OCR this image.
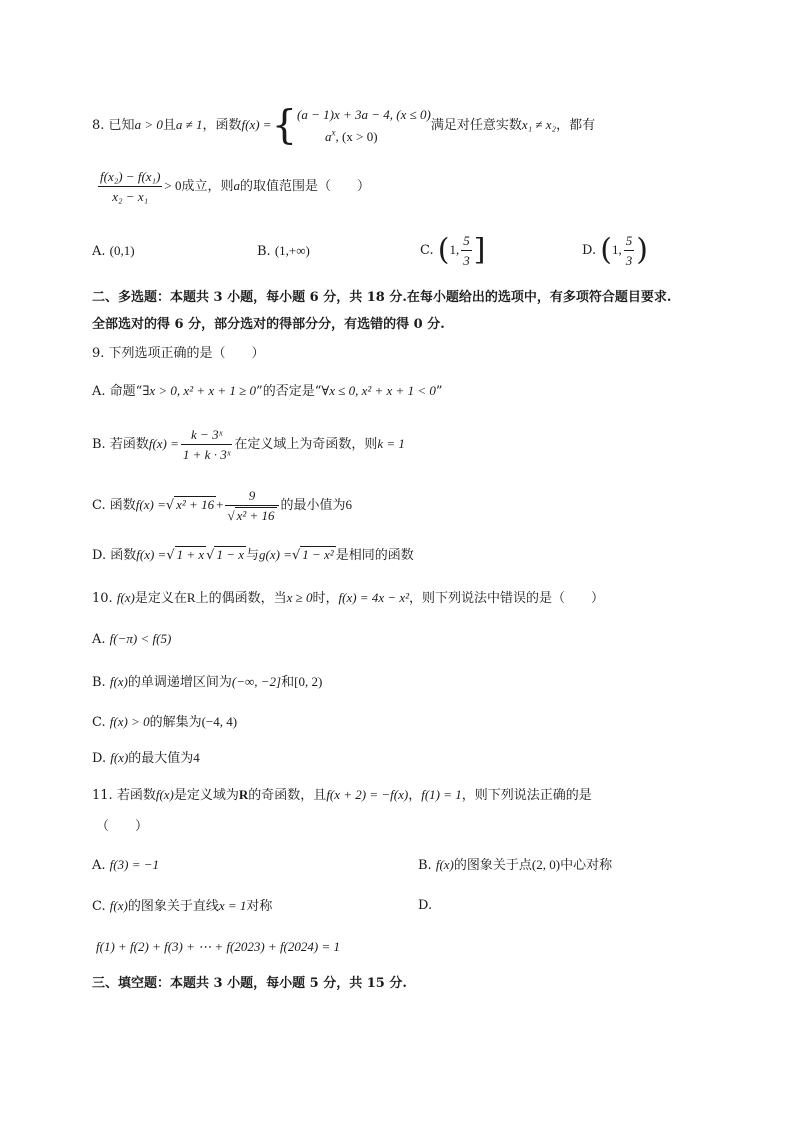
8. 已知a > 0且a ≠ 1，函数f(x) ={(a − 1)x + 3a − 4, (x ≤ 0)
$a^x$, (x > 0)满足对任意实数x₁ ≠ x₂，都有
$\frac{\text{f(x₂) − f(x₁)}}{\text{x₂ − x₁}} > 0$成立，则a的取值范围是（　　）
A. (0,1)	B. (1,+∞)	C. (1, $\frac{5}{3}$ ]	D. (1, $\frac{5}{3}$ )
二、多选题：本题共 3 小题，每小题 6 分，共 18 分.在每小题给出的选项中，有多项符合题目要求.
全部选对的得 6 分，部分选对的得部分分，有选错的得 0 分.
9. 下列选项正确的是（　　）
A. 命题“∃x > 0, x² + x + 1 ≥ 0”的否定是“∀x ≤ 0, x² + x + 1 < 0”
B. 若函数$f(x) = \frac{\text{k − 3ˣ}}{\text{1 + k · 3ˣ}}$ 在定义域上为奇函数，则k = 1
C. 函数f(x) =√ $x^2 + 16 + \frac{9}{\text{√ x² + 16}}$ 的最小值为6
D. 函数f(x) =√ 1 + x √ 1 − x 与g(x) =√ 1 − x² 是相同的函数
10. f(x)是定义在R上的偶函数，当x ≥ 0时，f(x) = 4x − x²，则下列说法中错误的是（　　）
A. f(−π) < f(5)
B. f(x)的单调递增区间为(−∞, −2]和[0, 2)
C. f(x) > 0的解集为(−4, 4)
D. f(x)的最大值为4
11. 若函数f(x)是定义域为R的奇函数，且f(x + 2) = −f(x)，f(1) = 1，则下列说法正确的是
（　　）
A. f(3) = −1	B. f(x)的图象关于点(2, 0)中心对称
C. f(x)的图象关于直线x = 1对称	D.
f(1) + f(2) + f(3) + ⋯ + f(2023) + f(2024) = 1
三、填空题：本题共 3 小题，每小题 5 分，共 15 分.
